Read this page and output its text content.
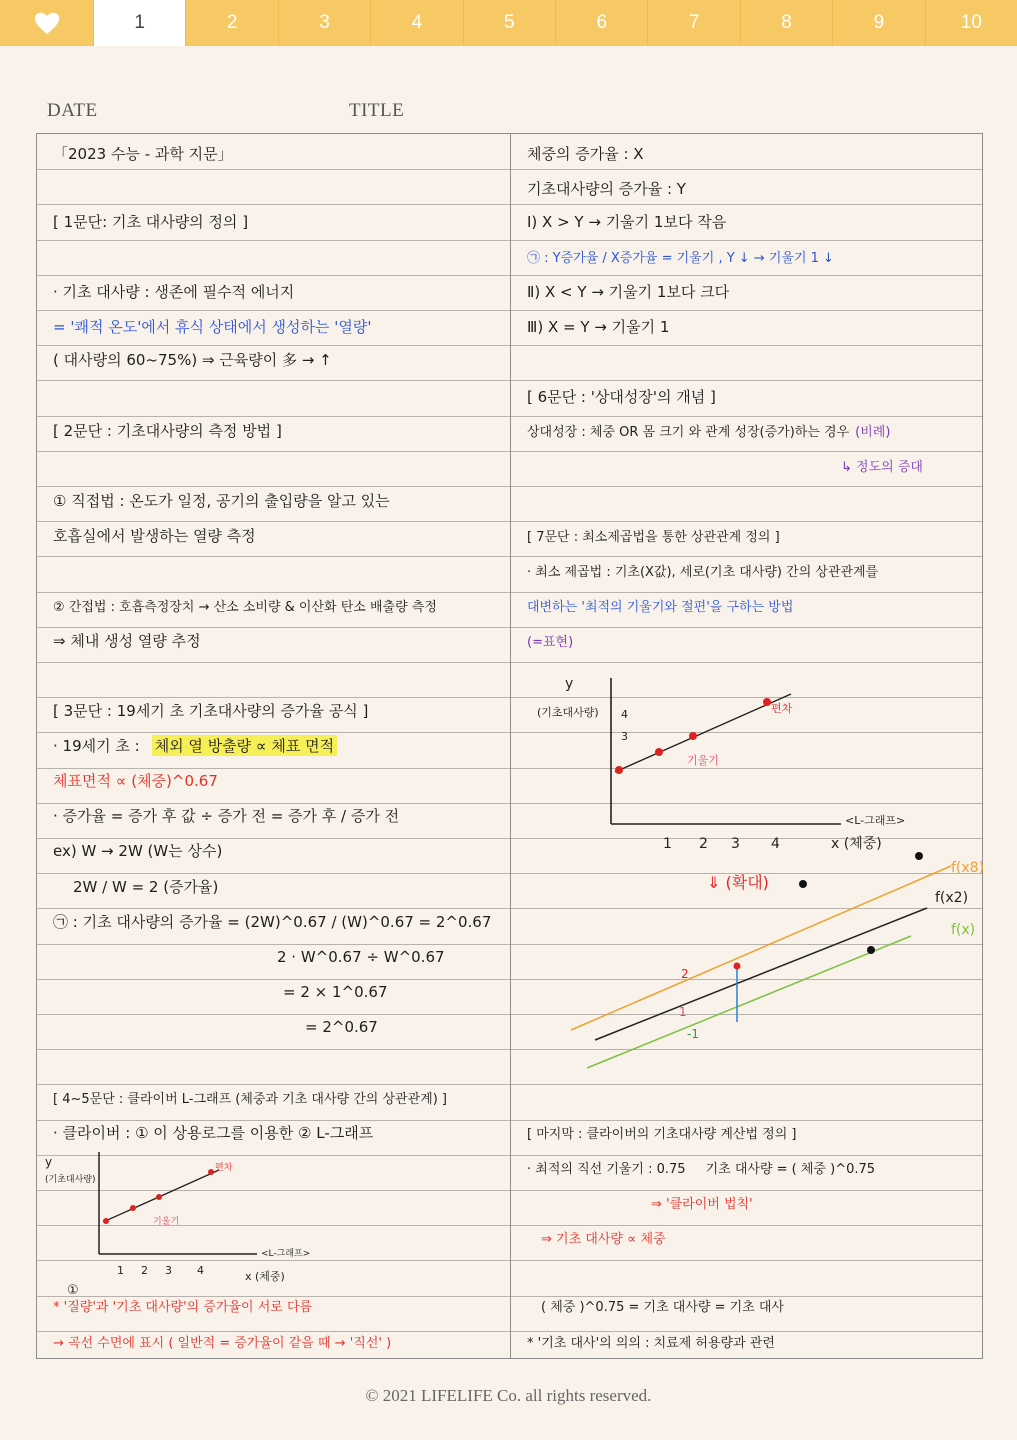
1	2	3	4	5	6	7	8	9	10
DATE	TITLE
「2023 수능 - 과학 지문」
[ 1문단: 기초 대사량의 정의 ]
· 기초 대사량 : 생존에 필수적 에너지
= '쾌적 온도'에서 휴식 상태에서 생성하는 '열량'
( 대사량의 60~75%) ⇒ 근육량이 多 → ↑
[ 2문단 : 기초대사량의 측정 방법 ]
① 직접법 : 온도가 일정, 공기의 출입량을 알고 있는
호흡실에서 발생하는 열량 측정
② 간접법 : 호흡측정장치 → 산소 소비량 & 이산화 탄소 배출량 측정
⇒ 체내 생성 열량 추정
[ 3문단 : 19세기 초 기초대사량의 증가율 공식 ]
· 19세기 초 : 체외 열 방출량 ∝ 체표 면적
체표면적 ∝ (체중)^0.67
· 증가율 = 증가 후 값 ÷ 증가 전 = 증가 후 / 증가 전
ex) W → 2W (W는 상수)
2W / W = 2 (증가율)
㉠ : 기초 대사량의 증가율 = (2W)^0.67 / (W)^0.67 = 2^0.67
2 · W^0.67 ÷ W^0.67
= 2 × 1^0.67
= 2^0.67
[ 4~5문단 : 클라이버 L-그래프 (체중과 기초 대사량 간의 상관관계) ]
· 클라이버 : ① 이 상용로그를 이용한 ② L-그래프
* '질량'과 '기초 대사량'의 증가율이 서로 다름
→ 곡선 수면에 표시 ( 일반적 = 증가율이 같을 때 → '직선' )
y
(기초대사량)
편차
기울기
<L-그래프>
1 2 3 4	x (체중)
①
체중의 증가율 : X
기초대사량의 증가율 : Y
Ⅰ) X > Y → 기울기 1보다 작음
㉠ : Y증가율 / X증가율 = 기울기 , Y ↓ → 기울기 1 ↓
Ⅱ) X < Y → 기울기 1보다 크다
Ⅲ) X = Y → 기울기 1
[ 6문단 : '상대성장'의 개념 ]
상대성장 : 체중 OR 몸 크기 와 관계 성장(증가)하는 경우 (비례)
↳ 정도의 증대
[ 7문단 : 최소제곱법을 통한 상관관계 정의 ]
· 최소 제곱법 : 기초(X값), 세로(기초 대사량) 간의 상관관계를
대변하는 '최적의 기울기와 절편'을 구하는 방법
(=표현)
y
(기초대사량)	편차
기울기
4
3
<L-그래프>
1 2 3 4	x (체중)
⇓ (확대)
f(x8)
f(x2)
f(x)
2
1
-1
[ 마지막 : 클라이버의 기초대사량 계산법 정의 ]
· 최적의 직선 기울기 : 0.75 기초 대사량 = ( 체중 )^0.75
⇒ '클라이버 법칙'
⇒ 기초 대사량 ∝ 체중
( 체중 )^0.75 = 기초 대사량 = 기초 대사
* '기초 대사'의 의의 : 치료제 허용량과 관련
© 2021 LIFELIFE Co. all rights reserved.
